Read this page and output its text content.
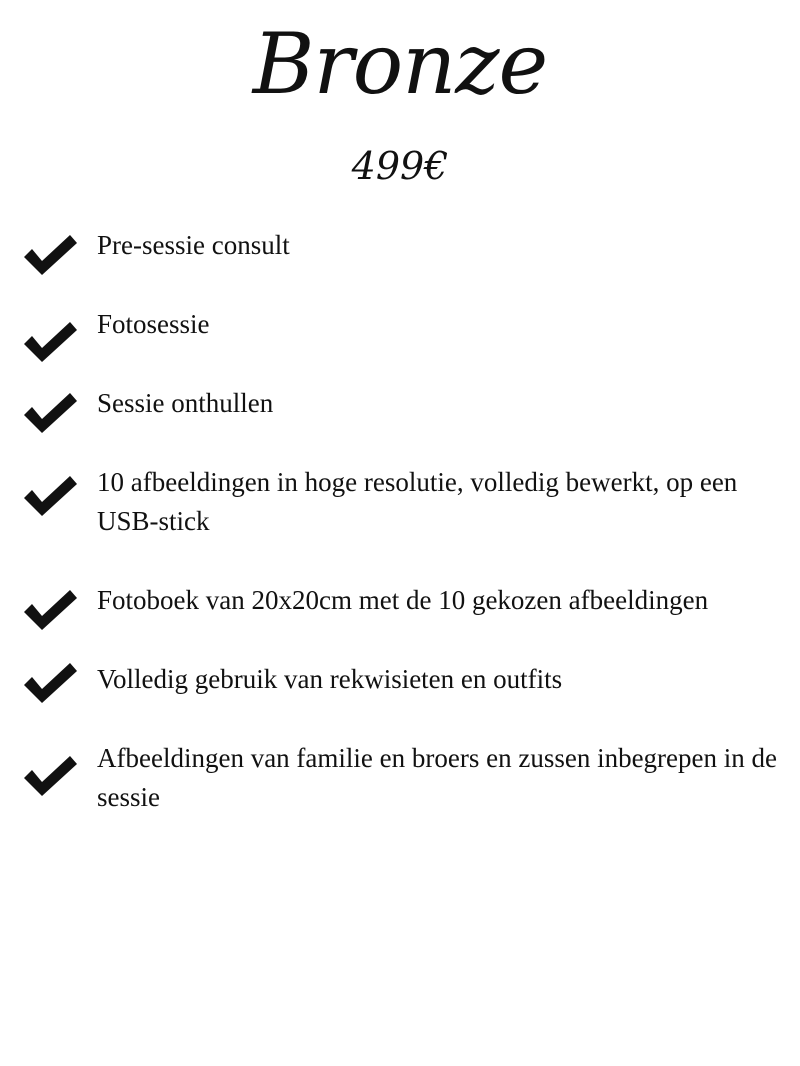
Bronze
499€
Pre-sessie consult
Fotosessie
Sessie onthullen
10 afbeeldingen in hoge resolutie, volledig bewerkt, op een USB-stick
Fotoboek van 20x20cm met de 10 gekozen afbeeldingen
Volledig gebruik van rekwisieten en outfits
Afbeeldingen van familie en broers en zussen inbegrepen in de sessie
